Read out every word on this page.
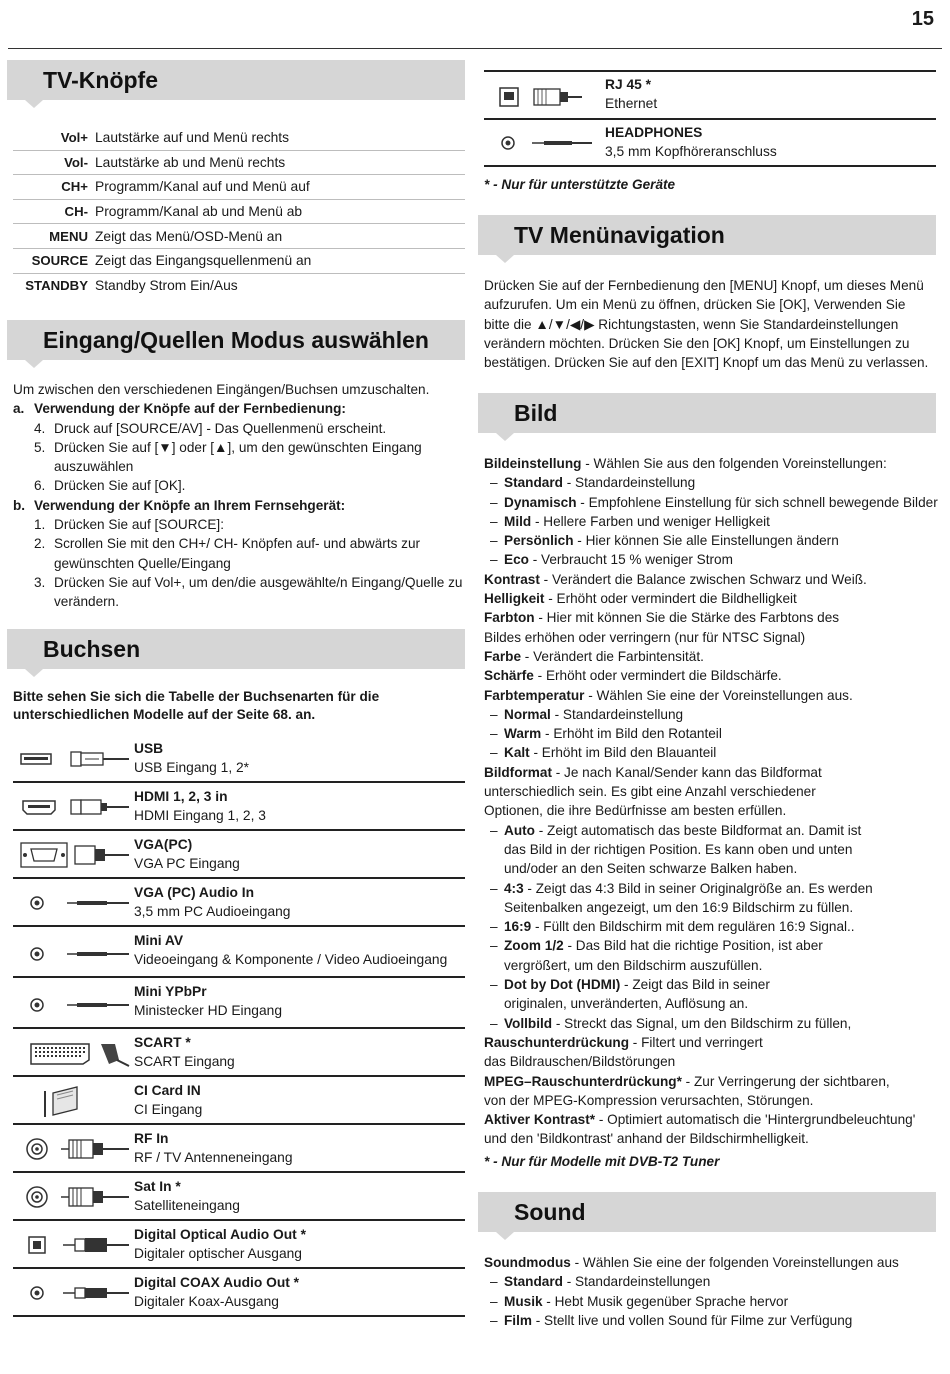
15
TV-Knöpfe
Vol+ Lautstärke auf und Menü rechts
Vol- Lautstärke ab und Menü rechts
CH+ Programm/Kanal auf und Menü auf
CH- Programm/Kanal ab und Menü ab
MENU Zeigt das Menü/OSD-Menü an
SOURCE Zeigt das Eingangsquellenmenü an
STANDBY Standby Strom Ein/Aus
Eingang/Quellen Modus auswählen
Um zwischen den verschiedenen Eingängen/Buchsen umzuschalten.
a. Verwendung der Knöpfe auf der Fernbedienung:
4. Druck auf [SOURCE/AV] - Das Quellenmenü erscheint.
5. Drücken Sie auf [▼] oder [▲], um den gewünschten Eingang auszuwählen
6. Drücken Sie auf [OK].
b. Verwendung der Knöpfe an Ihrem Fernsehgerät:
1. Drücken Sie auf [SOURCE]:
2. Scrollen Sie mit den CH+/ CH- Knöpfen auf- und abwärts zur gewünschten Quelle/Eingang
3. Drücken Sie auf Vol+, um den/die ausgewählte/n Eingang/Quelle zu verändern.
Buchsen
Bitte sehen Sie sich die Tabelle der Buchsenarten für die unterschiedlichen Modelle auf der Seite 68. an.
USB
USB Eingang 1, 2*
HDMI 1, 2, 3 in
HDMI Eingang 1, 2, 3
VGA(PC)
VGA PC Eingang
VGA (PC) Audio In
3,5 mm PC Audioeingang
Mini AV
Videoeingang & Komponente / Video Audioeingang
Mini YPbPr
Ministecker HD Eingang
SCART *
SCART Eingang
CI Card IN
CI Eingang
RF In
RF / TV Antenneneingang
Sat In *
Satelliteneingang
Digital Optical Audio Out *
Digitaler optischer Ausgang
Digital COAX Audio Out *
Digitaler Koax-Ausgang
RJ 45 *
Ethernet
HEADPHONES
3,5 mm Kopfhöreranschluss
* - Nur für unterstützte Geräte
TV Menünavigation
Drücken Sie auf der Fernbedienung den [MENU] Knopf, um dieses Menü
aufzurufen. Um ein Menü zu öffnen, drücken Sie [OK], Verwenden Sie
bitte die ▲/▼/◀/▶ Richtungstasten, wenn Sie Standardeinstellungen
verändern möchten. Drücken Sie den [OK] Knopf, um Einstellungen zu
bestätigen. Drücken Sie auf den [EXIT] Knopf um das Menü zu verlassen.
Bild
Bildeinstellung - Wählen Sie aus den folgenden Voreinstellungen:
– Standard - Standardeinstellung
– Dynamisch - Empfohlene Einstellung für sich schnell bewegende Bilder
– Mild - Hellere Farben und weniger Helligkeit
– Persönlich - Hier können Sie alle Einstellungen ändern
– Eco - Verbraucht 15 % weniger Strom
Kontrast - Verändert die Balance zwischen Schwarz und Weiß.
Helligkeit - Erhöht oder vermindert die Bildhelligkeit
Farbton - Hier mit können Sie die Stärke des Farbtons des
Bildes erhöhen oder verringern (nur für NTSC Signal)
Farbe - Verändert die Farbintensität.
Schärfe - Erhöht oder vermindert die Bildschärfe.
Farbtemperatur - Wählen Sie eine der Voreinstellungen aus.
– Normal - Standardeinstellung
– Warm - Erhöht im Bild den Rotanteil
– Kalt - Erhöht im Bild den Blauanteil
Bildformat - Je nach Kanal/Sender kann das Bildformat
unterschiedlich sein. Es gibt eine Anzahl verschiedener
Optionen, die ihre Bedürfnisse am besten erfüllen.
– Auto - Zeigt automatisch das beste Bildformat an. Damit ist
das Bild in der richtigen Position. Es kann oben und unten
und/oder an den Seiten schwarze Balken haben.
– 4:3 - Zeigt das 4:3 Bild in seiner Originalgröße an. Es werden
Seitenbalken angezeigt, um den 16:9 Bildschirm zu füllen.
– 16:9 - Füllt den Bildschirm mit dem regulären 16:9 Signal..
– Zoom 1/2 - Das Bild hat die richtige Position, ist aber
vergrößert, um den Bildschirm auszufüllen.
– Dot by Dot (HDMI) - Zeigt das Bild in seiner
originalen, unveränderten, Auflösung an.
– Vollbild - Streckt das Signal, um den Bildschirm zu füllen,
Rauschunterdrückung - Filtert und verringert
das Bildrauschen/Bildstörungen
MPEG–Rauschunterdrückung* - Zur Verringerung der sichtbaren,
von der MPEG-Kompression verursachten, Störungen.
Aktiver Kontrast* - Optimiert automatisch die 'Hintergrundbeleuchtung'
und den 'Bildkontrast' anhand der Bildschirmhelligkeit.
* - Nur für Modelle mit DVB-T2 Tuner
Sound
Soundmodus - Wählen Sie eine der folgenden Voreinstellungen aus
– Standard - Standardeinstellungen
– Musik - Hebt Musik gegenüber Sprache hervor
– Film - Stellt live und vollen Sound für Filme zur Verfügung
